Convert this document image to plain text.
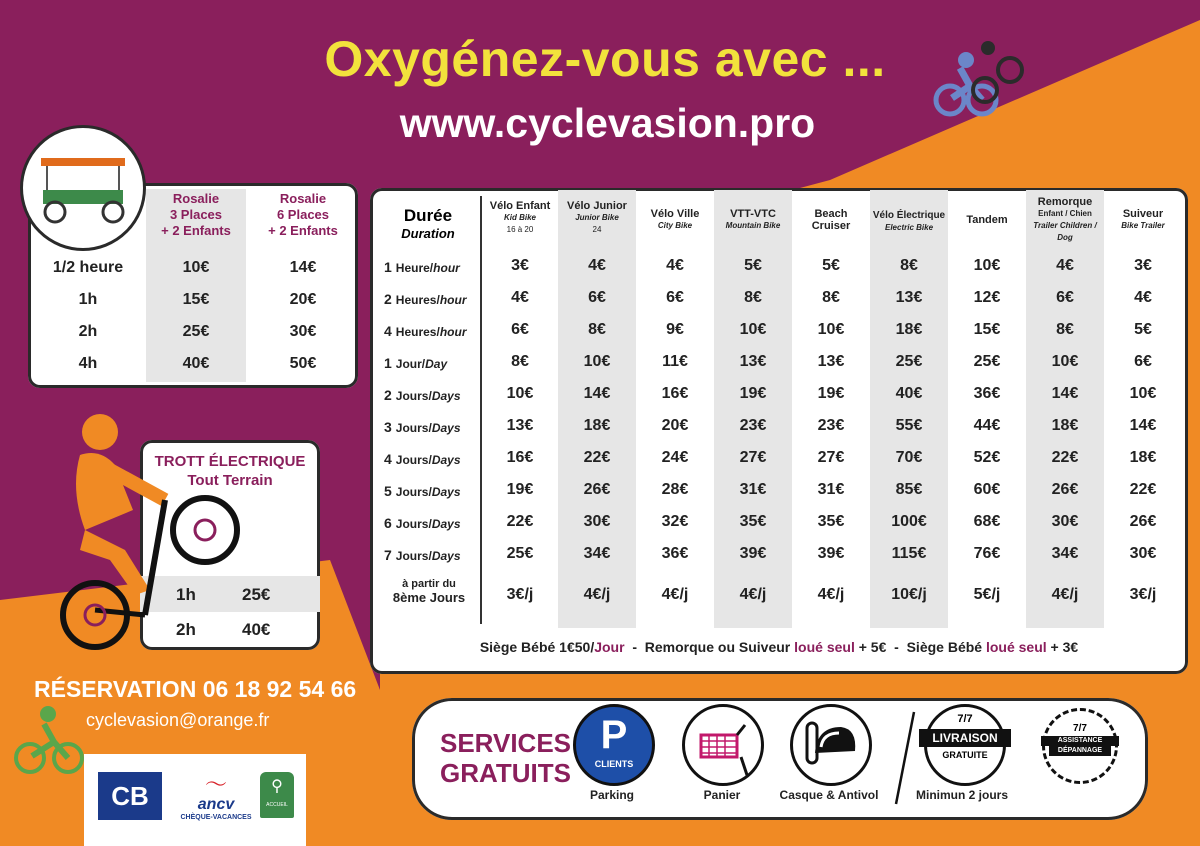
Oxygénez-vous avec ...
www.cyclevasion.pro
Rosalie
3 Places
+ 2 Enfants
Rosalie
6 Places
+ 2 Enfants
1/2 heure	10€	14€
1h	15€	20€
2h	25€	30€
4h	40€	50€
TROTT ÉLECTRIQUE
Tout Terrain
1h	25€
2h	40€
Durée
Duration
Vélo Enfant
Kid Bike
16 à 20
Vélo Junior
Junior Bike
24
Vélo Ville
City Bike
VTT-VTC
Mountain Bike
Beach
Cruiser
Vélo Électrique
Electric Bike
Tandem
Remorque
Enfant / Chien
Trailer Children / Dog
Suiveur
Bike Trailer
1 Heure/hour	3€	4€	4€	5€	5€	8€	10€	4€	3€
2 Heures/hour	4€	6€	6€	8€	8€	13€	12€	6€	4€
4 Heures/hour	6€	8€	9€	10€	10€	18€	15€	8€	5€
1 Jour/Day	8€	10€	11€	13€	13€	25€	25€	10€	6€
2 Jours/Days	10€	14€	16€	19€	19€	40€	36€	14€	10€
3 Jours/Days	13€	18€	20€	23€	23€	55€	44€	18€	14€
4 Jours/Days	16€	22€	24€	27€	27€	70€	52€	22€	18€
5 Jours/Days	19€	26€	28€	31€	31€	85€	60€	26€	22€
6 Jours/Days	22€	30€	32€	35€	35€	100€	68€	30€	26€
7 Jours/Days	25€	34€	36€	39€	39€	115€	76€	34€	30€
à partir du
8ème Jours	3€/j	4€/j	4€/j	4€/j	4€/j	10€/j	5€/j	4€/j	3€/j
Siège Bébé 1€50/Jour  -  Remorque ou Suiveur loué seul + 5€  -  Siège Bébé loué seul + 3€
RÉSERVATION 06 18 92 54 66
cyclevasion@orange.fr
CB	〜
ancv
CHÈQUE-VACANCES
⚲
ACCUEIL
SERVICES
GRATUITS
P
CLIENTS
Parking	Panier	Casque & Antivol
7/7
LIVRAISON
GRATUITE
Minimun 2 jours
7/7
ASSISTANCE
DÉPANNAGE
